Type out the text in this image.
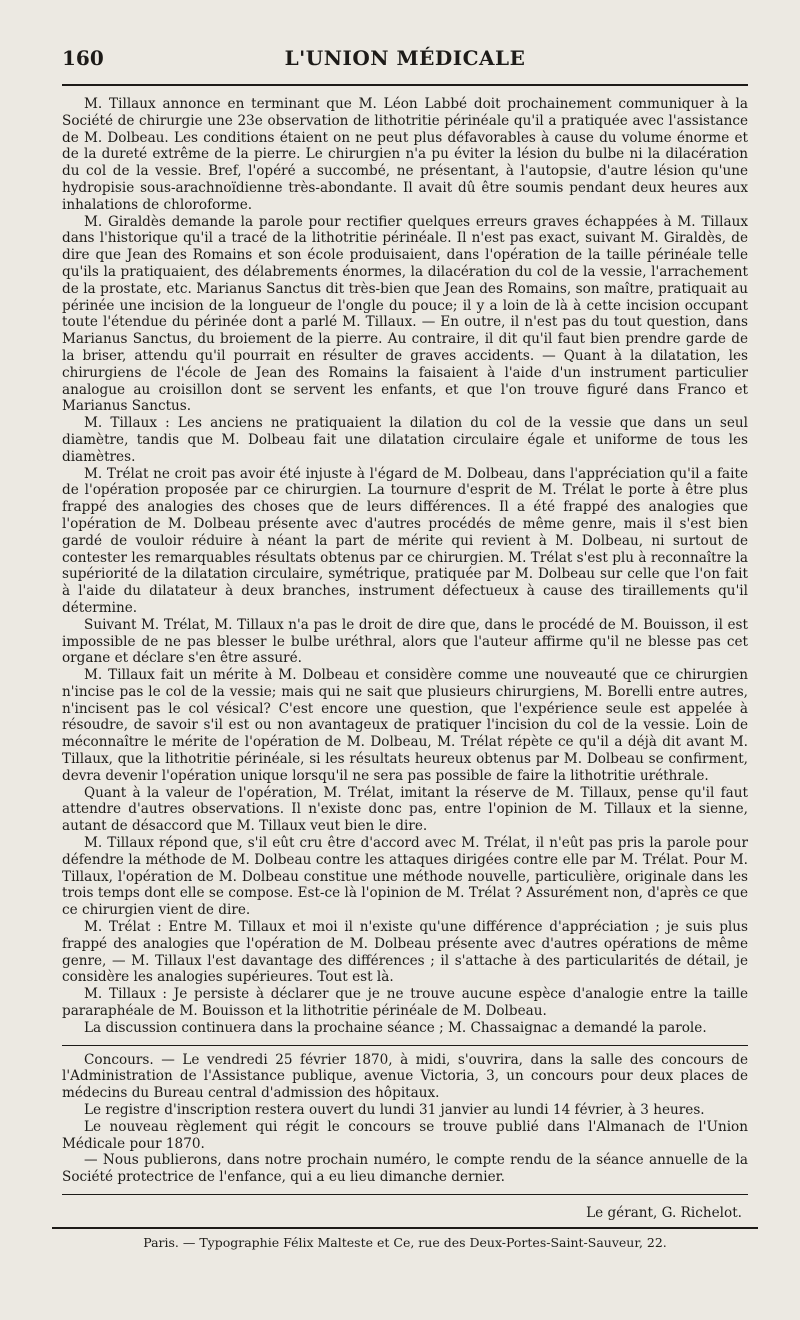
160	L'UNION MÉDICALE

M. Tillaux annonce en terminant que M. Léon Labbé doit prochainement communiquer à la Société de chirurgie une 23e observation de lithotritie périnéale qu'il a pratiquée avec l'assistance de M. Dolbeau. Les conditions étaient on ne peut plus défavorables à cause du volume énorme et de la dureté extrême de la pierre. Le chirurgien n'a pu éviter la lésion du bulbe ni la dilacération du col de la vessie. Bref, l'opéré a succombé, ne présentant, à l'autopsie, d'autre lésion qu'une hydropisie sous-arachnoïdienne très-abondante. Il avait dû être soumis pendant deux heures aux inhalations de chloroforme.

M. Giraldès demande la parole pour rectifier quelques erreurs graves échappées à M. Tillaux dans l'historique qu'il a tracé de la lithotritie périnéale. Il n'est pas exact, suivant M. Giraldès, de dire que Jean des Romains et son école produisaient, dans l'opération de la taille périnéale telle qu'ils la pratiquaient, des délabrements énormes, la dilacération du col de la vessie, l'arrachement de la prostate, etc. Marianus Sanctus dit très-bien que Jean des Romains, son maître, pratiquait au périnée une incision de la longueur de l'ongle du pouce; il y a loin de là à cette incision occupant toute l'étendue du périnée dont a parlé M. Tillaux. — En outre, il n'est pas du tout question, dans Marianus Sanctus, du broiement de la pierre. Au contraire, il dit qu'il faut bien prendre garde de la briser, attendu qu'il pourrait en résulter de graves accidents. — Quant à la dilatation, les chirurgiens de l'école de Jean des Romains la faisaient à l'aide d'un instrument particulier analogue au croisillon dont se servent les enfants, et que l'on trouve figuré dans Franco et Marianus Sanctus.

M. Tillaux : Les anciens ne pratiquaient la dilation du col de la vessie que dans un seul diamètre, tandis que M. Dolbeau fait une dilatation circulaire égale et uniforme de tous les diamètres.

M. Trélat ne croit pas avoir été injuste à l'égard de M. Dolbeau, dans l'appréciation qu'il a faite de l'opération proposée par ce chirurgien. La tournure d'esprit de M. Trélat le porte à être plus frappé des analogies des choses que de leurs différences. Il a été frappé des analogies que l'opération de M. Dolbeau présente avec d'autres procédés de même genre, mais il s'est bien gardé de vouloir réduire à néant la part de mérite qui revient à M. Dolbeau, ni surtout de contester les remarquables résultats obtenus par ce chirurgien. M. Trélat s'est plu à reconnaître la supériorité de la dilatation circulaire, symétrique, pratiquée par M. Dolbeau sur celle que l'on fait à l'aide du dilatateur à deux branches, instrument défectueux à cause des tiraillements qu'il détermine.

Suivant M. Trélat, M. Tillaux n'a pas le droit de dire que, dans le procédé de M. Bouisson, il est impossible de ne pas blesser le bulbe uréthral, alors que l'auteur affirme qu'il ne blesse pas cet organe et déclare s'en être assuré.

M. Tillaux fait un mérite à M. Dolbeau et considère comme une nouveauté que ce chirurgien n'incise pas le col de la vessie; mais qui ne sait que plusieurs chirurgiens, M. Borelli entre autres, n'incisent pas le col vésical? C'est encore une question, que l'expérience seule est appelée à résoudre, de savoir s'il est ou non avantageux de pratiquer l'incision du col de la vessie. Loin de méconnaître le mérite de l'opération de M. Dolbeau, M. Trélat répète ce qu'il a déjà dit avant M. Tillaux, que la lithotritie périnéale, si les résultats heureux obtenus par M. Dolbeau se confirment, devra devenir l'opération unique lorsqu'il ne sera pas possible de faire la lithotritie uréthrale.

Quant à la valeur de l'opération, M. Trélat, imitant la réserve de M. Tillaux, pense qu'il faut attendre d'autres observations. Il n'existe donc pas, entre l'opinion de M. Tillaux et la sienne, autant de désaccord que M. Tillaux veut bien le dire.

M. Tillaux répond que, s'il eût cru être d'accord avec M. Trélat, il n'eût pas pris la parole pour défendre la méthode de M. Dolbeau contre les attaques dirigées contre elle par M. Trélat. Pour M. Tillaux, l'opération de M. Dolbeau constitue une méthode nouvelle, particulière, originale dans les trois temps dont elle se compose. Est-ce là l'opinion de M. Trélat ? Assurément non, d'après ce que ce chirurgien vient de dire.

M. Trélat : Entre M. Tillaux et moi il n'existe qu'une différence d'appréciation ; je suis plus frappé des analogies que l'opération de M. Dolbeau présente avec d'autres opérations de même genre, — M. Tillaux l'est davantage des différences ; il s'attache à des particularités de détail, je considère les analogies supérieures. Tout est là.

M. Tillaux : Je persiste à déclarer que je ne trouve aucune espèce d'analogie entre la taille pararaphéale de M. Bouisson et la lithotritie périnéale de M. Dolbeau.

La discussion continuera dans la prochaine séance ; M. Chassaignac a demandé la parole.

Concours. — Le vendredi 25 février 1870, à midi, s'ouvrira, dans la salle des concours de l'Administration de l'Assistance publique, avenue Victoria, 3, un concours pour deux places de médecins du Bureau central d'admission des hôpitaux.

Le registre d'inscription restera ouvert du lundi 31 janvier au lundi 14 février, à 3 heures.

Le nouveau règlement qui régit le concours se trouve publié dans l'Almanach de l'Union Médicale pour 1870.

— Nous publierons, dans notre prochain numéro, le compte rendu de la séance annuelle de la Société protectrice de l'enfance, qui a eu lieu dimanche dernier.

Le gérant, G. Richelot.
Paris. — Typographie Félix Malteste et Ce, rue des Deux-Portes-Saint-Sauveur, 22.
